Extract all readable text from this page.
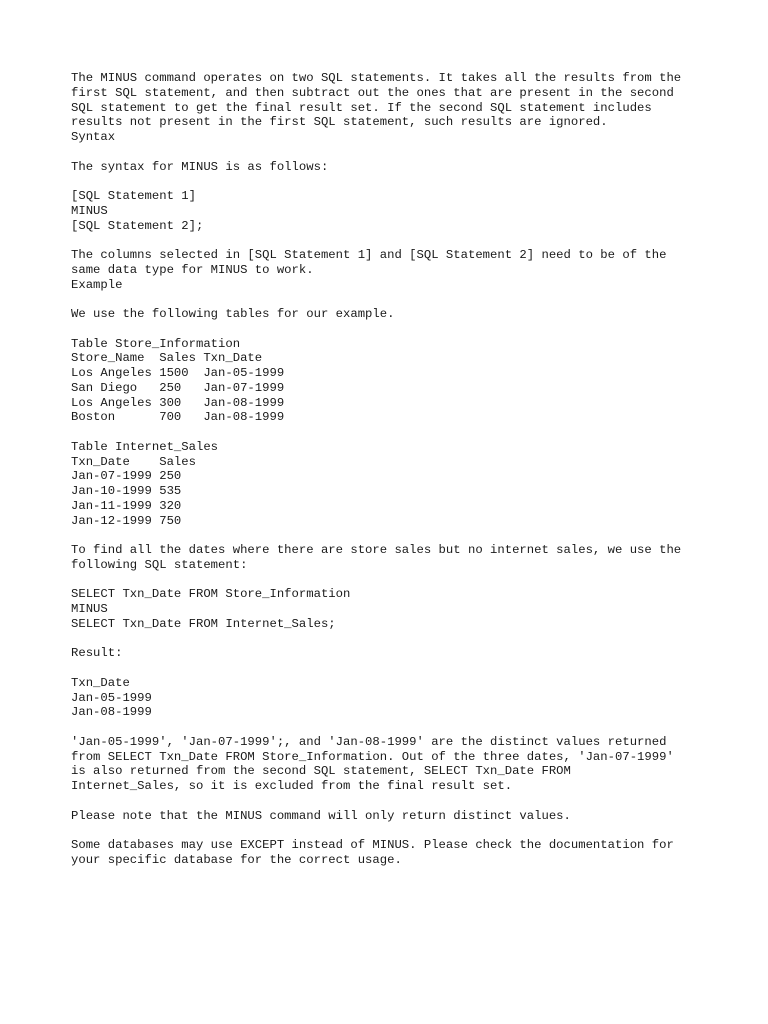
The MINUS command operates on two SQL statements. It takes all the results from the
first SQL statement, and then subtract out the ones that are present in the second
SQL statement to get the final result set. If the second SQL statement includes
results not present in the first SQL statement, such results are ignored.
Syntax
The syntax for MINUS is as follows:
[SQL Statement 1]
MINUS
[SQL Statement 2];
The columns selected in [SQL Statement 1] and [SQL Statement 2] need to be of the
same data type for MINUS to work.
Example
We use the following tables for our example.
Table Store_Information
Store_Name  Sales Txn_Date
Los Angeles 1500  Jan-05-1999
San Diego   250   Jan-07-1999
Los Angeles 300   Jan-08-1999
Boston      700   Jan-08-1999
Table Internet_Sales
Txn_Date    Sales
Jan-07-1999 250
Jan-10-1999 535
Jan-11-1999 320
Jan-12-1999 750
To find all the dates where there are store sales but no internet sales, we use the
following SQL statement:
SELECT Txn_Date FROM Store_Information
MINUS
SELECT Txn_Date FROM Internet_Sales;
Result:
Txn_Date
Jan-05-1999
Jan-08-1999
'Jan-05-1999', 'Jan-07-1999';, and 'Jan-08-1999' are the distinct values returned
from SELECT Txn_Date FROM Store_Information. Out of the three dates, 'Jan-07-1999'
is also returned from the second SQL statement, SELECT Txn_Date FROM
Internet_Sales, so it is excluded from the final result set.
Please note that the MINUS command will only return distinct values.
Some databases may use EXCEPT instead of MINUS. Please check the documentation for
your specific database for the correct usage.
